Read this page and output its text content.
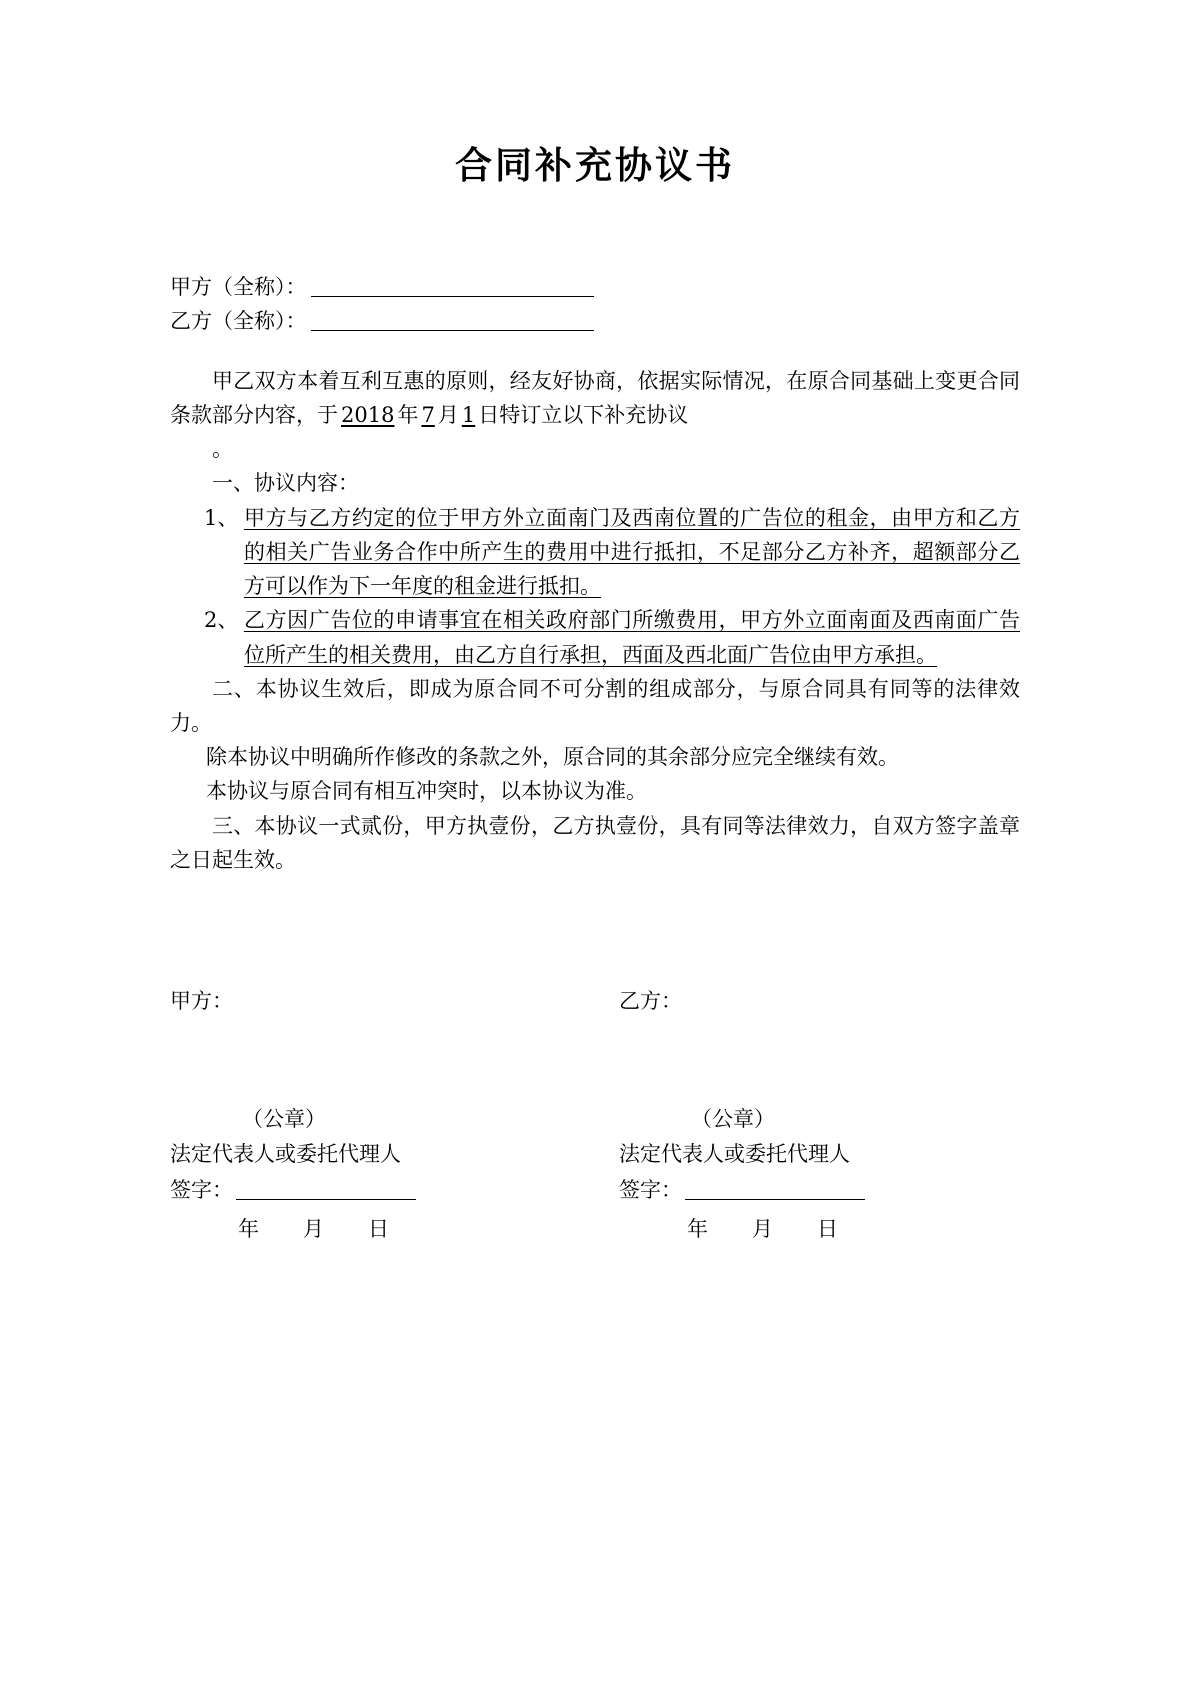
合同补充协议书
甲方（全称）：
乙方（全称）：

甲乙双方本着互利互惠的原则，经友好协商，依据实际情况，在原合同基础上变更合同条款部分内容，于 2018 年 7 月 1 日特订立以下补充协议

。

一、协议内容：

1、 甲方与乙方约定的位于甲方外立面南门及西南位置的广告位的租金，由甲方和乙方的相关广告业务合作中所产生的费用中进行抵扣，不足部分乙方补齐，超额部分乙方可以作为下一年度的租金进行抵扣。
2、 乙方因广告位的申请事宜在相关政府部门所缴费用，甲方外立面南面及西南面广告位所产生的相关费用，由乙方自行承担，西面及西北面广告位由甲方承担。

二、本协议生效后，即成为原合同不可分割的组成部分，与原合同具有同等的法律效力。

除本协议中明确所作修改的条款之外，原合同的其余部分应完全继续有效。

本协议与原合同有相互冲突时，以本协议为准。

三、本协议一式贰份，甲方执壹份，乙方执壹份，具有同等法律效力，自双方签字盖章之日起生效。

甲方：
（公章）
法定代表人或委托代理人
签字：
年 月 日
乙方：
（公章）
法定代表人或委托代理人
签字：
年 月 日
